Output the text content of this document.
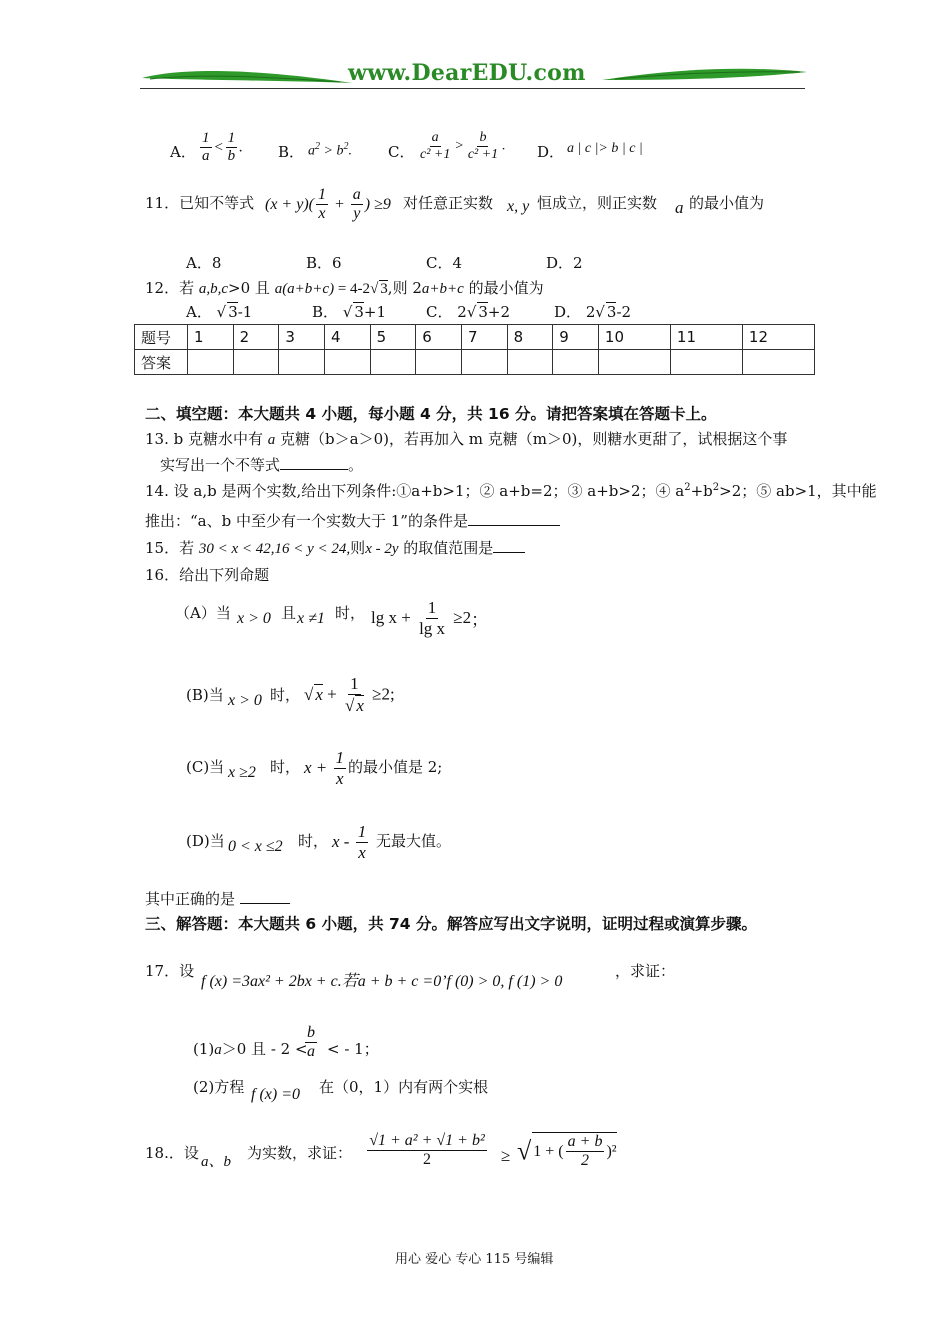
www.DearEDU.com
A． $\frac{1}{a} < \frac{1}{b}$ . B． $a^2 > b^2$. C． $\frac{a}{\text{c² +1}} > \frac{b}{\text{c² +1}}$ . D． a | c |> b | c |
11．已知不等式 $(x + y)( \frac{1}{x} + \frac{a}{y}$ ) ≥9 对任意正实数 x, y 恒成立，则正实数 a 的最小值为
A．8	B．6	C．4	D．2
12．若 a,b,c>0 且 a(a+b+c) = 4-2√ 3,则 2a+b+c 的最小值为
A． √ 3-1	B． √ 3+1	C． 2√ 3+2	D． 2√ 3-2
题号	1	2	3	4	5	6	7	8	9	10	11	12
答案												
二、填空题：本大题共 4 小题，每小题 4 分，共 16 分。请把答案填在答题卡上。
13. b 克糖水中有 a 克糖（b＞a＞0)，若再加入 m 克糖（m＞0)，则糖水更甜了，试根据这个事
实写出一个不等式	。
14. 设 a,b 是两个实数,给出下列条件:①a+b>1；② a+b=2；③ a+b>2；④ $a^2+b^2>2$；⑤ ab>1，其中能
推出：“a、b 中至少有一个实数大于 1”的条件是
15．若 30 < x < 42,16 < y < 24,则x - 2y 的取值范围是
16．给出下列命题
（A）当 x > 0 且 x ≠1 时， $\lg x + \frac{1}{\text{lg x}} \ge 2$；
(B)当 x > 0 时， √ $x + \frac{1}{√ x} \ge 2$;
(C)当 x ≥2 时， $x + \frac{1}{x}$ 的最小值是 2;
(D)当 0 < x ≤2 时， x - $\frac{1}{x}$ 无最大值。
其中正确的是
三、解答题：本大题共 6 小题，共 74 分。解答应写出文字说明，证明过程或演算步骤。
17．设
f (x) =3ax² + 2bx + c.若a + b + c =0’f (0) > 0, f (1) > 0
，求证：
(1)a＞0 且 - 2 <
$\frac{b}{a}$ < - 1；
(2)方程 f (x) =0 在（0，1）内有两个实根
18.．设 a、b 为实数，求证： $\frac{\text{√1 + a² + √1 + b²}}{2}$ ≥ √ 1 + ( $\frac{a + b}{2} )^2$
用心 爱心 专心 115 号编辑
